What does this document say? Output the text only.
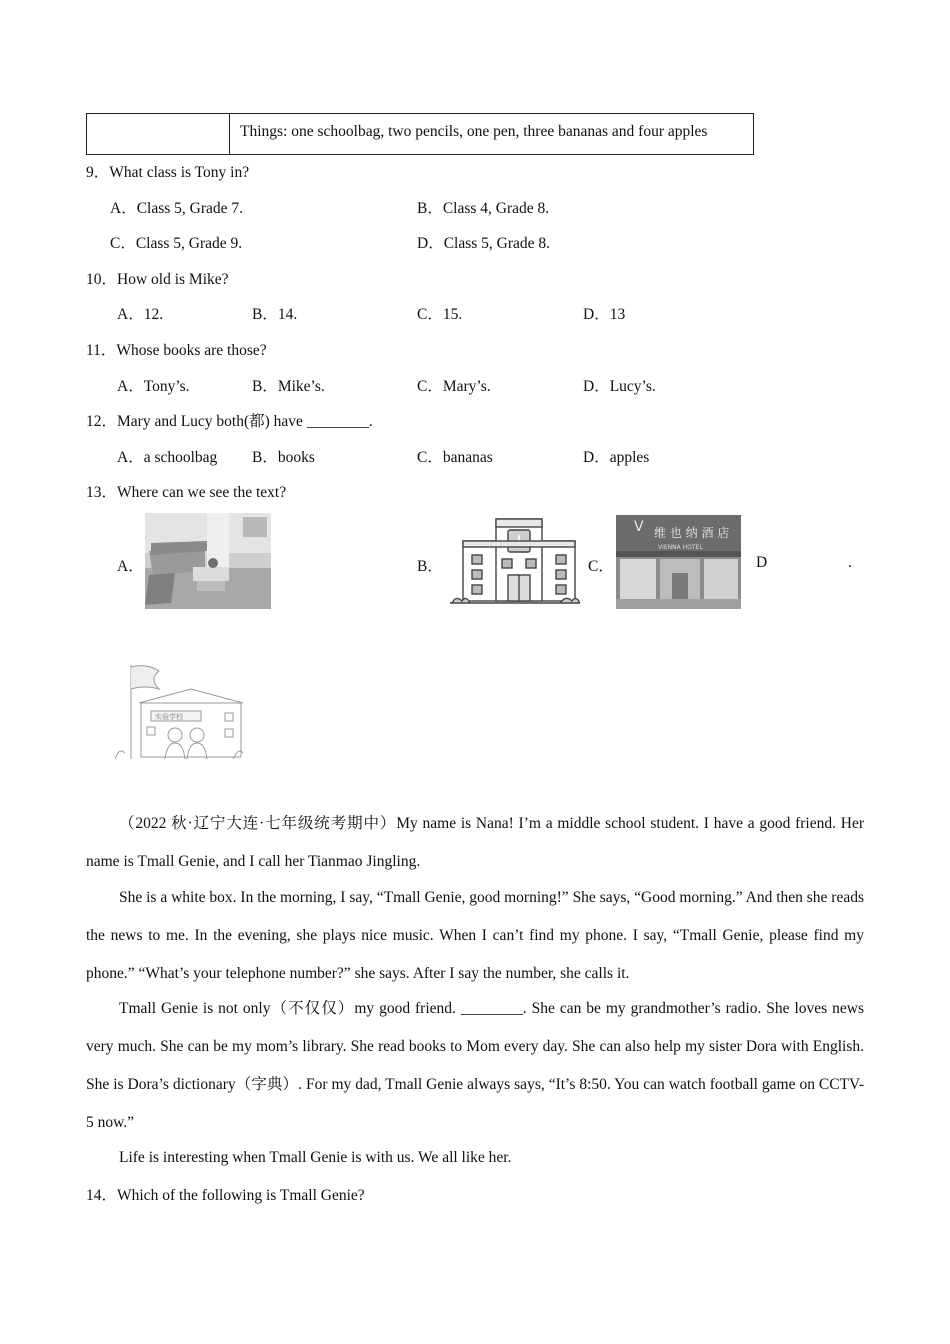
Things: one schoolbag, two pencils, one pen, three bananas and four apples
9．What class is Tony in?
A．Class 5, Grade 7.	B．Class 4, Grade 8.
C．Class 5, Grade 9.	D．Class 5, Grade 8.
10．How old is Mike?
A．12.	B．14.	C．15.	D．13
11．Whose books are those?
A．Tony’s.	B．Mike’s.	C．Mary’s.	D．Lucy’s.
12．Mary and Lucy both(都) have ________.
A．a schoolbag B．books	C．bananas	D．apples
13．Where can we see the text?
A．	B．	C．
V 维 也 纳 酒 店
VIENNA HOTEL
D	.
实验学校
（2022 秋·辽宁大连·七年级统考期中）My name is Nana! I’m a middle school student. I have a good friend. Her name is Tmall Genie, and I call her Tianmao Jingling.
She is a white box. In the morning, I say, “Tmall Genie, good morning!” She says, “Good morning.” And then she reads the news to me. In the evening, she plays nice music. When I can’t find my phone. I say, “Tmall Genie, please find my phone.” “What’s your telephone number?” she says. After I say the number, she calls it.
Tmall Genie is not only（不仅仅）my good friend. ________. She can be my grandmother’s radio. She loves news very much. She can be my mom’s library. She read books to Mom every day. She can also help my sister Dora with English. She is Dora’s dictionary（字典）. For my dad, Tmall Genie always says, “It’s 8:50. You can watch football game on CCTV-5 now.”
Life is interesting when Tmall Genie is with us. We all like her.
14．Which of the following is Tmall Genie?
